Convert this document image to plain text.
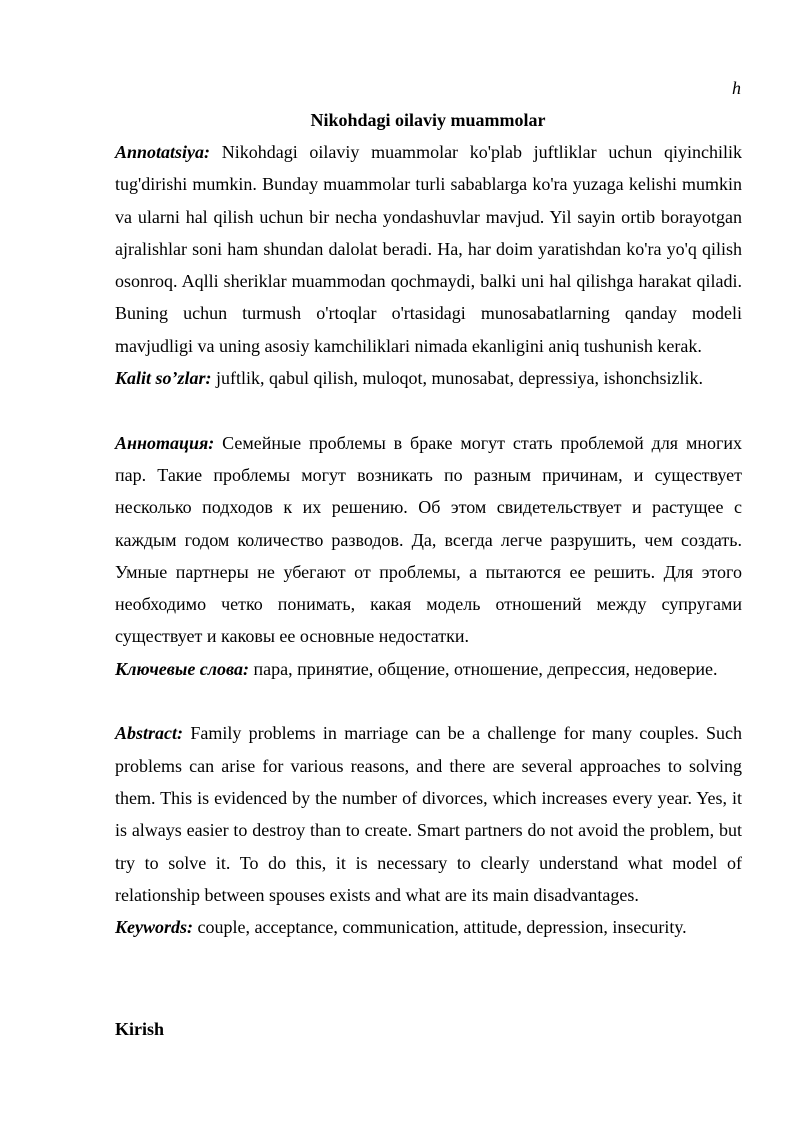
h
Nikohdagi oilaviy muammolar

Annotatsiya: Nikohdagi oilaviy muammolar ko'plab juftliklar uchun qiyinchilik tug'dirishi mumkin. Bunday muammolar turli sabablarga ko'ra yuzaga kelishi mumkin va ularni hal qilish uchun bir necha yondashuvlar mavjud. Yil sayin ortib borayotgan ajralishlar soni ham shundan dalolat beradi. Ha, har doim yaratishdan ko'ra yo'q qilish osonroq. Aqlli sheriklar muammodan qochmaydi, balki uni hal qilishga harakat qiladi. Buning uchun turmush o'rtoqlar o'rtasidagi munosabatlarning qanday modeli mavjudligi va uning asosiy kamchiliklari nimada ekanligini aniq tushunish kerak.

Kalit so’zlar: juftlik, qabul qilish, muloqot, munosabat, depressiya, ishonchsizlik.

Аннотация: Семейные проблемы в браке могут стать проблемой для многих пар. Такие проблемы могут возникать по разным причинам, и существует несколько подходов к их решению. Об этом свидетельствует и растущее с каждым годом количество разводов. Да, всегда легче разрушить, чем создать. Умные партнеры не убегают от проблемы, а пытаются ее решить. Для этого необходимо четко понимать, какая модель отношений между супругами существует и каковы ее основные недостатки.

Ключевые слова: пара, принятие, общение, отношение, депрессия, недоверие.

Abstract: Family problems in marriage can be a challenge for many couples. Such problems can arise for various reasons, and there are several approaches to solving them. This is evidenced by the number of divorces, which increases every year. Yes, it is always easier to destroy than to create. Smart partners do not avoid the problem, but try to solve it. To do this, it is necessary to clearly understand what model of relationship between spouses exists and what are its main disadvantages.

Keywords: couple, acceptance, communication, attitude, depression, insecurity.

Kirish
